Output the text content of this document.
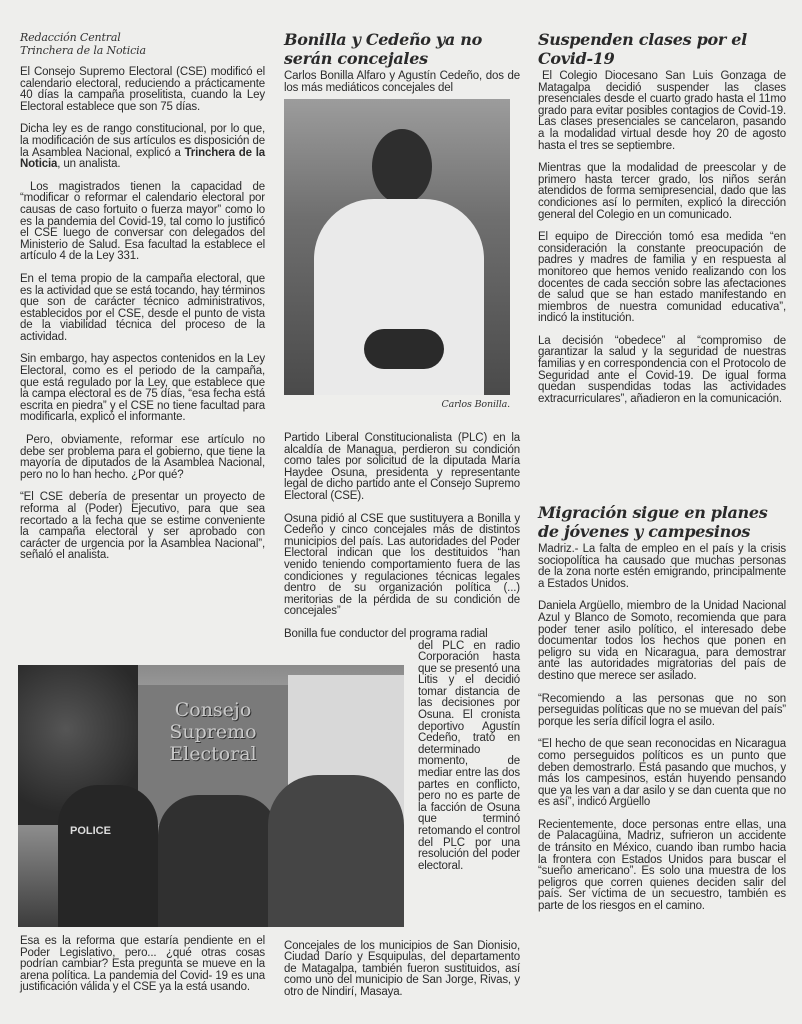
Redacción Central
Trinchera de la Noticia

El Consejo Supremo Electoral (CSE) modificó el calendario electoral, reduciendo a prácticamente 40 días la campaña proselitista, cuando la Ley Electoral establece que son 75 días.

Dicha ley es de rango constitucional, por lo que, la modificación de sus artículos es disposición de la Asamblea Nacional, explicó a Trinchera de la Noticia, un analista.

Los magistrados tienen la capacidad de “modificar o reformar el calendario electoral por causas de caso fortuito o fuerza mayor” como lo es la pandemia del Covid-19, tal como lo justificó el CSE luego de conversar con delegados del Ministerio de Salud. Esa facultad la establece el artículo 4 de la Ley 331.

En el tema propio de la campaña electoral, que es la actividad que se está tocando, hay términos que son de carácter técnico administrativos, establecidos por el CSE, desde el punto de vista de la viabilidad técnica del proceso de la actividad.

Sin embargo, hay aspectos contenidos en la Ley Electoral, como es el periodo de la campaña, que está regulado por la Ley, que establece que la campa electoral es de 75 días, “esa fecha está escrita en piedra” y el CSE no tiene facultad para modificarla, explicó el informante.

Pero, obviamente, reformar ese artículo no debe ser problema para el gobierno, que tiene la mayoría de diputados de la Asamblea Nacional, pero no lo han hecho. ¿Por qué?

“El CSE debería de presentar un proyecto de reforma al (Poder) Ejecutivo, para que sea recortado a la fecha que se estime conveniente la campaña electoral y ser aprobado con carácter de urgencia por la Asamblea Nacional”, señaló el analista.

Consejo
Supremo
Electoral
POLICE

Esa es la reforma que estaría pendiente en el Poder Legislativo, pero... ¿qué otras cosas podrían cambiar? Esta pregunta se mueve en la arena política. La pandemia del Covid- 19 es una justificación válida y el CSE ya la está usando.

Bonilla y Cedeño ya no serán concejales

Carlos Bonilla Alfaro y Agustín Cedeño, dos de los más mediáticos concejales del

Carlos Bonilla.

Partido Liberal Constitucionalista (PLC) en la alcaldía de Managua, perdieron su condición como tales por solicitud de la diputada María Haydee Osuna, presidenta y representante legal de dicho partido ante el Consejo Supremo Electoral (CSE).

Osuna pidió al CSE que sustituyera a Bonilla y Cedeño y cinco concejales más de distintos municipios del país. Las autoridades del Poder Electoral indican que los destituidos “han venido teniendo comportamiento fuera de las condiciones y regulaciones técnicas legales dentro de su organización política (...) meritorias de la pérdida de su condición de concejales”

Bonilla fue conductor del programa radial

del PLC en radio Corporación hasta que se presentó una Litis y el decidió tomar distancia de las decisiones por Osuna. El cronista deportivo Agustín Cedeño, trató en determinado momento, de mediar entre las dos partes en conflicto, pero no es parte de la facción de Osuna que terminó retomando el control del PLC por una resolución del poder electoral.

Concejales de los municipios de San Dionisio, Ciudad Darío y Esquipulas, del departamento de Matagalpa, también fueron sustituidos, así como uno del municipio de San Jorge, Rivas, y otro de Nindirí, Masaya.

Suspenden clases por el Covid-19

El Colegio Diocesano San Luis Gonzaga de Matagalpa decidió suspender las clases presenciales desde el cuarto grado hasta el 11mo grado para evitar posibles contagios de Covid-19. Las clases presenciales se cancelaron, pasando a la modalidad virtual desde hoy 20 de agosto hasta el tres se septiembre.

Mientras que la modalidad de preescolar y de primero hasta tercer grado, los niños serán atendidos de forma semipresencial, dado que las condiciones así lo permiten, explicó la dirección general del Colegio en un comunicado.

El equipo de Dirección tomó esa medida “en consideración la constante preocupación de padres y madres de familia y en respuesta al monitoreo que hemos venido realizando con los docentes de cada sección sobre las afectaciones de salud que se han estado manifestando en miembros de nuestra comunidad educativa”, indicó la institución.

La decisión “obedece” al “compromiso de garantizar la salud y la seguridad de nuestras familias y en correspondencia con el Protocolo de Seguridad ante el Covid-19. De igual forma quedan suspendidas todas las actividades extracurriculares”, añadieron en la comunicación.

Migración sigue en planes de jóvenes y campesinos

Madriz.- La falta de empleo en el país y la crisis sociopolítica ha causado que muchas personas de la zona norte estén emigrando, principalmente a Estados Unidos.

Daniela Argüello, miembro de la Unidad Nacional Azul y Blanco de Somoto, recomienda que para poder tener asilo político, el interesado debe documentar todos los hechos que ponen en peligro su vida en Nicaragua, para demostrar ante las autoridades migratorias del país de destino que merece ser asilado.

“Recomiendo a las personas que no son perseguidas políticas que no se muevan del país” porque les sería difícil logra el asilo.

“El hecho de que sean reconocidas en Nicaragua como perseguidos políticos es un punto que deben demostrarlo. Está pasando que muchos, y más los campesinos, están huyendo pensando que ya les van a dar asilo y se dan cuenta que no es así”, indicó Argüello

Recientemente, doce personas entre ellas, una de Palacagüina, Madriz, sufrieron un accidente de tránsito en México, cuando iban rumbo hacia la frontera con Estados Unidos para buscar el “sueño americano”. Es solo una muestra de los peligros que corren quienes deciden salir del país. Ser víctima de un secuestro, también es parte de los riesgos en el camino.
